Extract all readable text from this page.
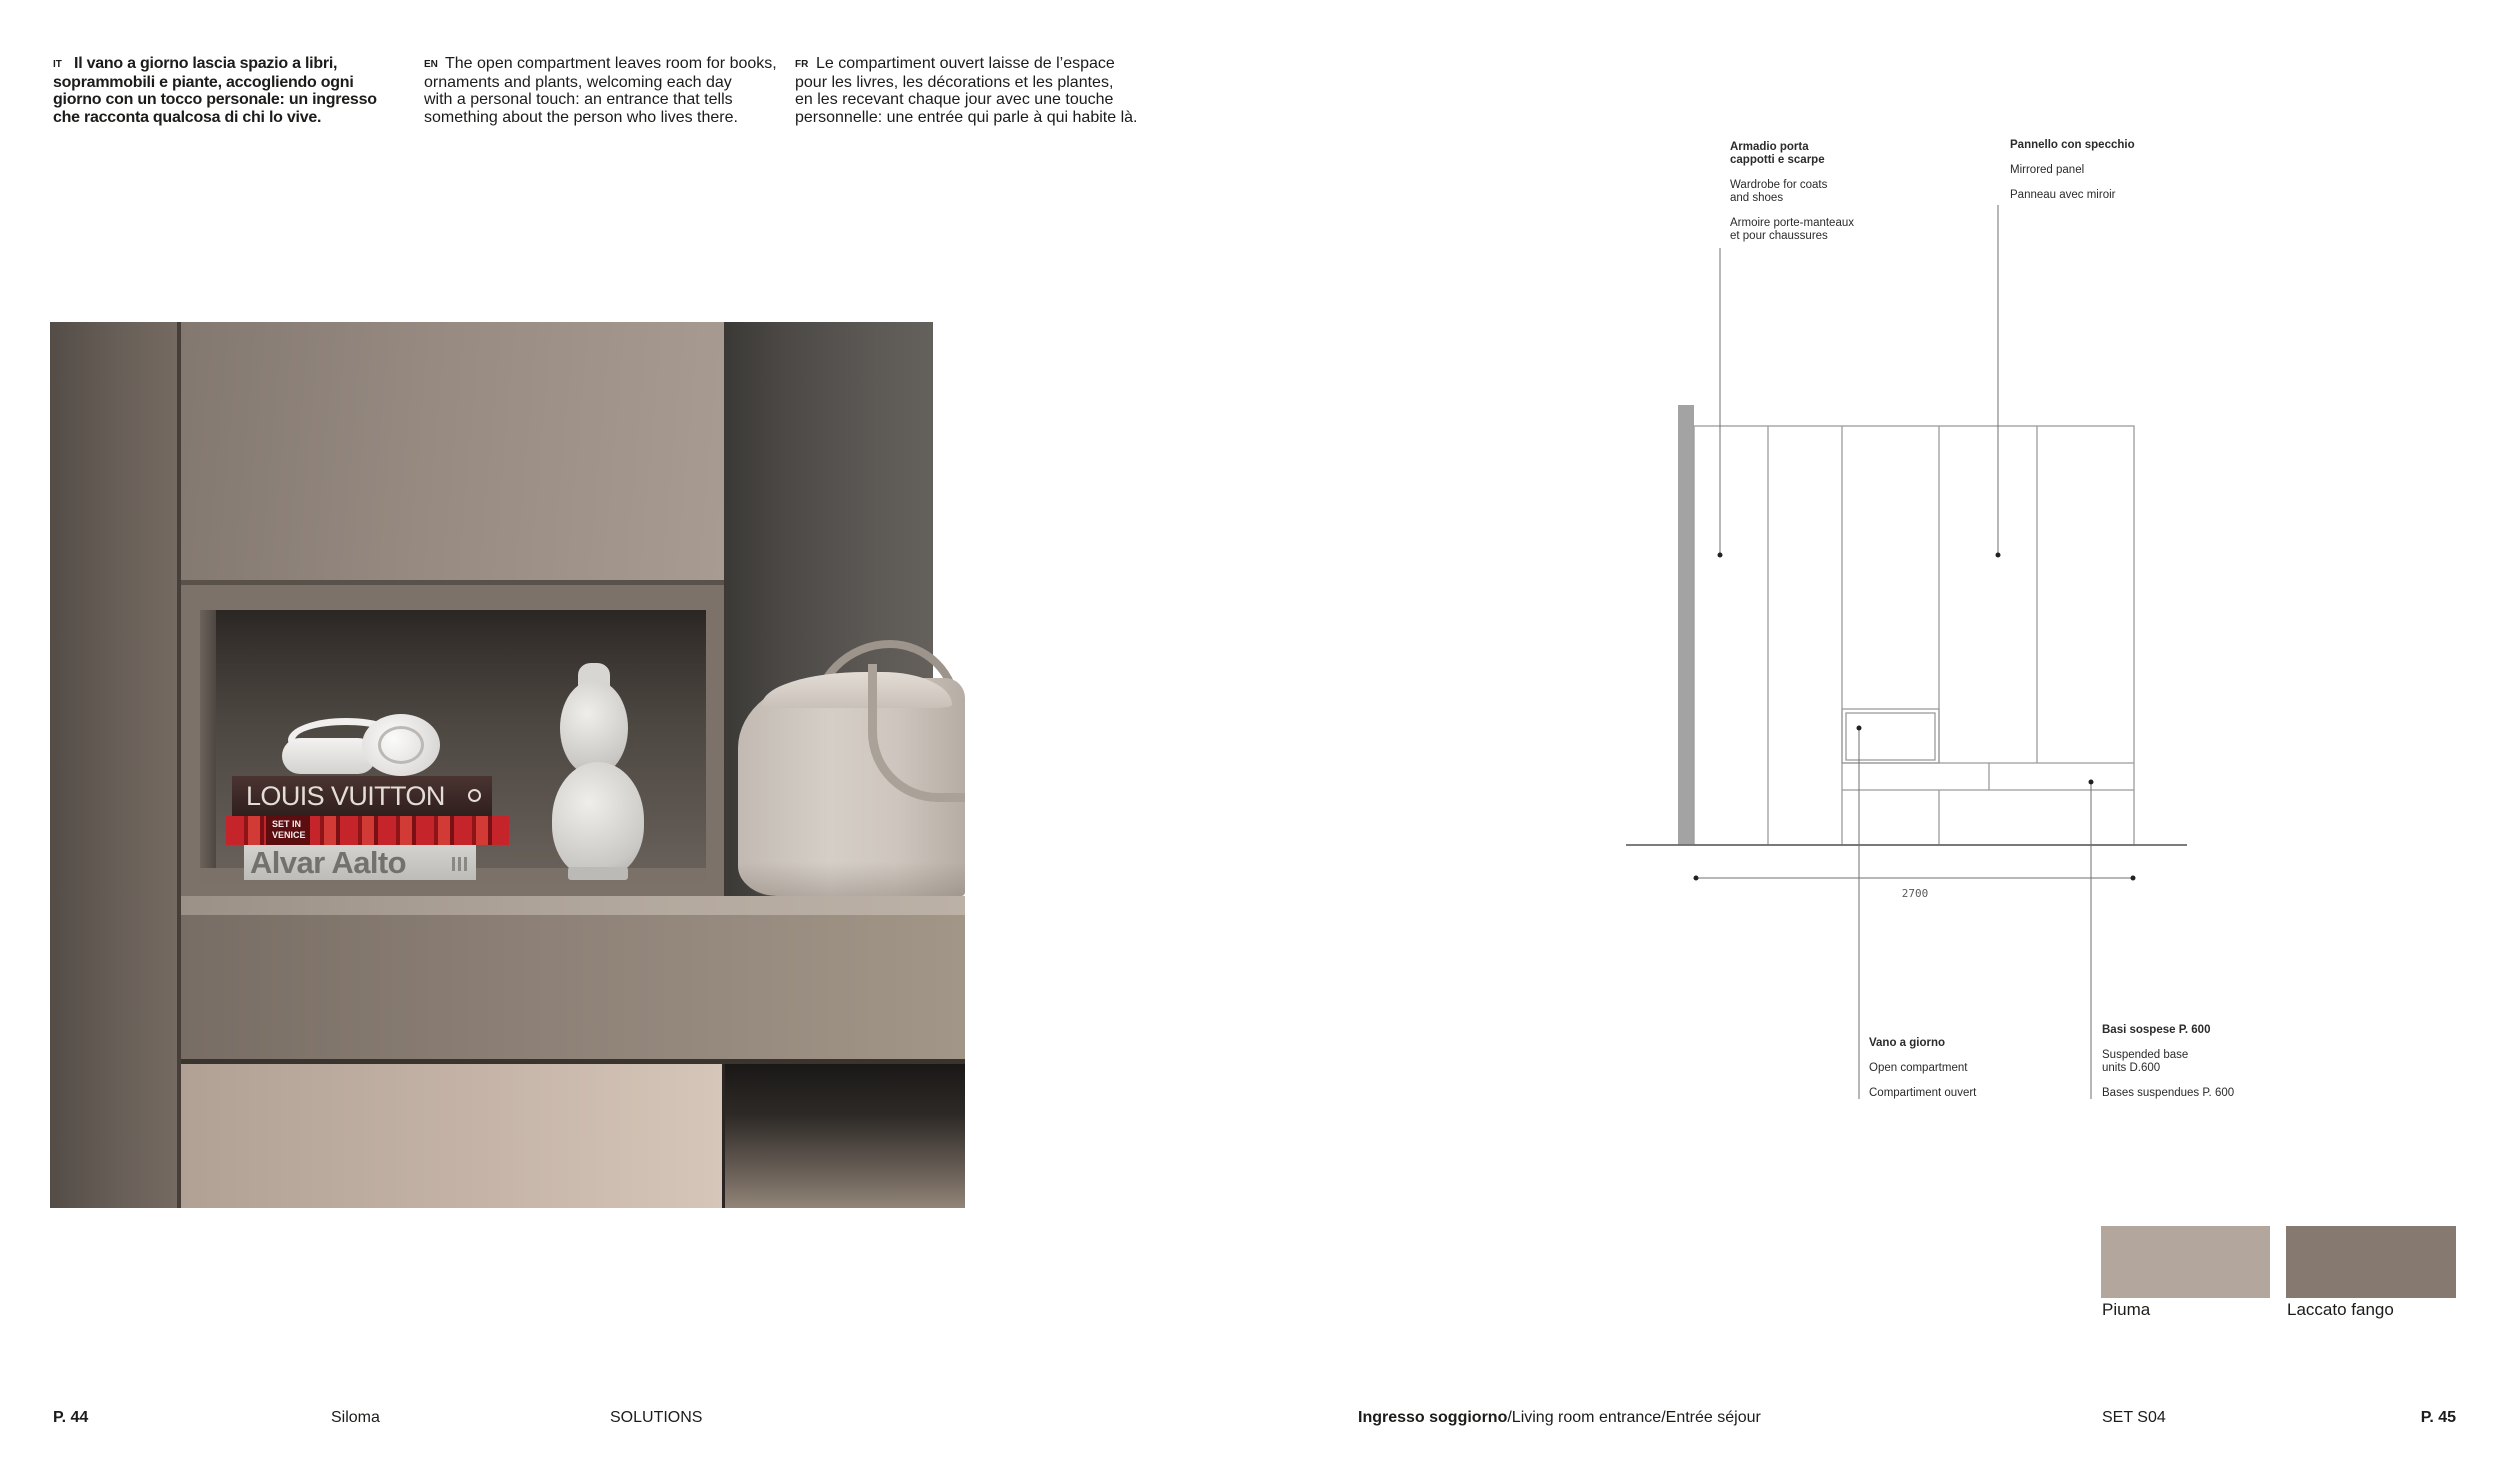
IT Il vano a giorno lascia spazio a libri,
soprammobili e piante, accogliendo ogni
giorno con un tocco personale: un ingresso
che racconta qualcosa di chi lo vive.
EN The open compartment leaves room for books,
ornaments and plants, welcoming each day
with a personal touch: an entrance that tells
something about the person who lives there.
FR Le compartiment ouvert laisse de l’espace
pour les livres, les décorations et les plantes,
en les recevant chaque jour avec une touche
personnelle: une entrée qui parle à qui habite là.
Alvar Aalto
SET IN
VENICE
LOUIS VUITTON
2700
Armadio porta
cappotti e scarpe
Wardrobe for coats
and shoes
Armoire porte-manteaux
et pour chaussures
Pannello con specchio
Mirrored panel
Panneau avec miroir
Vano a giorno
Open compartment
Compartiment ouvert
Basi sospese P. 600
Suspended base
units D.600
Bases suspendues P. 600
Piuma	Laccato fango
P. 44	Siloma	SOLUTIONS	Ingresso soggiorno/Living room entrance/Entrée séjour	SET S04	P. 45
